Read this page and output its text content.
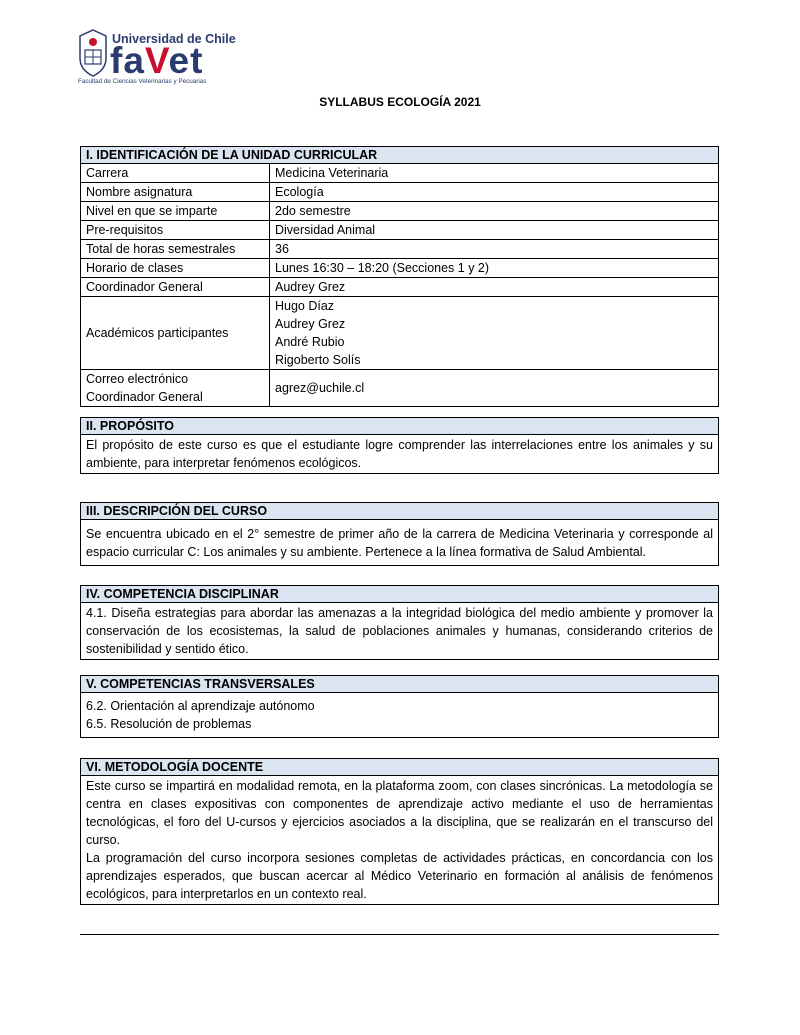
Universidad de Chile
faVet
Facultad de Ciencias Veterinarias y Pecuarias
SYLLABUS ECOLOGÍA 2021
I. IDENTIFICACIÓN DE LA UNIDAD CURRICULAR	
Carrera	Medicina Veterinaria
Nombre asignatura	Ecología
Nivel en que se imparte	2do semestre
Pre-requisitos	Diversidad Animal
Total de horas semestrales	36
Horario de clases	Lunes 16:30 – 18:20 (Secciones 1 y 2)
Coordinador General	Audrey Grez
Académicos participantes	Hugo Díaz
Audrey Grez
André Rubio
Rigoberto Solís

Correo electrónico
Coordinador General	agrez@uchile.cl
II. PROPÓSITO
El propósito de este curso es que el estudiante logre comprender las interrelaciones entre los animales y su ambiente, para interpretar fenómenos ecológicos.
III. DESCRIPCIÓN DEL CURSO
Se encuentra ubicado en el 2° semestre de primer año de la carrera de Medicina Veterinaria y corresponde al espacio curricular C: Los animales y su ambiente. Pertenece a la línea formativa de Salud Ambiental.
IV. COMPETENCIA DISCIPLINAR
4.1. Diseña estrategias para abordar las amenazas a la integridad biológica del medio ambiente y promover la conservación de los ecosistemas, la salud de poblaciones animales y humanas, considerando criterios de sostenibilidad y sentido ético.
V. COMPETENCIAS TRANSVERSALES

6.2. Orientación al aprendizaje autónomo
6.5. Resolución de problemas
VI. METODOLOGÍA DOCENTE

Este curso se impartirá en modalidad remota, en la plataforma zoom, con clases sincrónicas. La metodología se centra en clases expositivas con componentes de aprendizaje activo mediante el uso de herramientas tecnológicas, el foro del U-cursos y ejercicios asociados a la disciplina, que se realizarán en el transcurso del curso.
La programación del curso incorpora sesiones completas de actividades prácticas, en concordancia con los aprendizajes esperados, que buscan acercar al Médico Veterinario en formación al análisis de fenómenos ecológicos, para interpretarlos en un contexto real.
